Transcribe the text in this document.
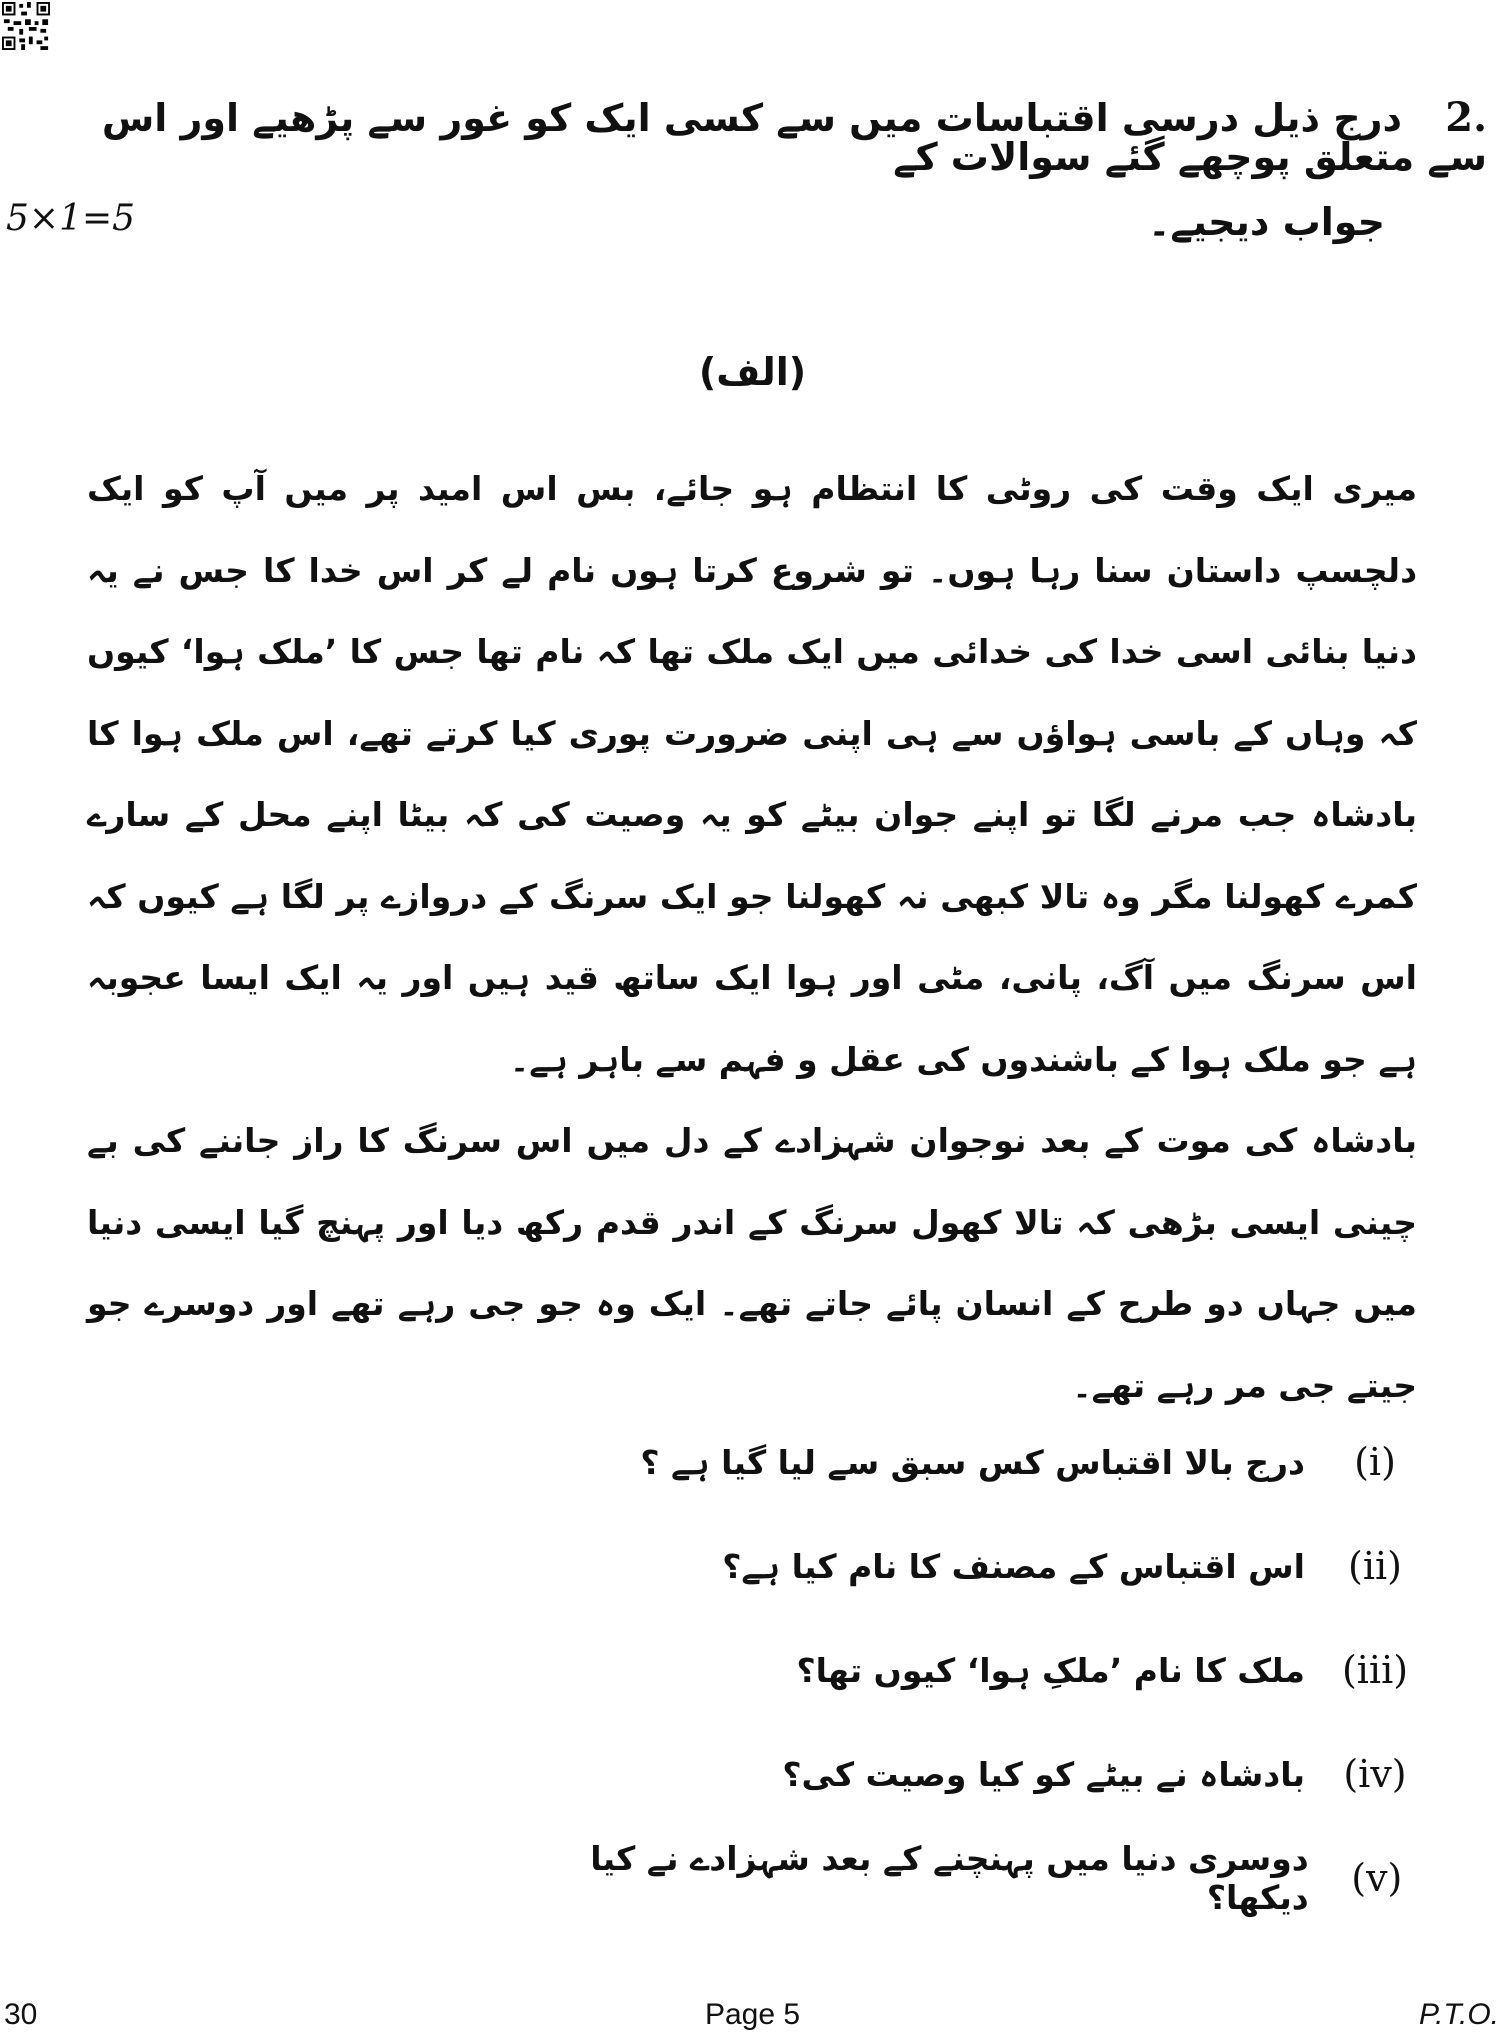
2. درج ذیل درسی اقتباسات میں سے کسی ایک کو غور سے پڑھیے اور اس سے متعلق پوچھے گئے سوالات کے
جواب دیجیے۔
5×1=5
(الف)

میری ایک وقت کی روٹی کا انتظام ہو جائے، بس اس امید پر میں آپ کو ایک دلچسپ داستان سنا رہا ہوں۔ تو شروع کرتا ہوں نام لے کر اس خدا کا جس نے یہ دنیا بنائی اسی خدا کی خدائی میں ایک ملک تھا کہ نام تھا جس کا ’ملک ہوا‘ کیوں کہ وہاں کے باسی ہواؤں سے ہی اپنی ضرورت پوری کیا کرتے تھے، اس ملک ہوا کا بادشاہ جب مرنے لگا تو اپنے جوان بیٹے کو یہ وصیت کی کہ بیٹا اپنے محل کے سارے کمرے کھولنا مگر وہ تالا کبھی نہ کھولنا جو ایک سرنگ کے دروازے پر لگا ہے کیوں کہ اس سرنگ میں آگ، پانی، مٹی اور ہوا ایک ساتھ قید ہیں اور یہ ایک ایسا عجوبہ ہے جو ملک ہوا کے باشندوں کی عقل و فہم سے باہر ہے۔

بادشاہ کی موت کے بعد نوجوان شہزادے کے دل میں اس سرنگ کا راز جاننے کی بے چینی ایسی بڑھی کہ تالا کھول سرنگ کے اندر قدم رکھ دیا اور پہنچ گیا ایسی دنیا میں جہاں دو طرح کے انسان پائے جاتے تھے۔ ایک وہ جو جی رہے تھے اور دوسرے جو جیتے جی مر رہے تھے۔

(i)
درج بالا اقتباس کس سبق سے لیا گیا ہے ؟
(ii)
اس اقتباس کے مصنف کا نام کیا ہے؟
(iii)
ملک کا نام ’ملکِ ہوا‘ کیوں تھا؟
(iv)
بادشاہ نے بیٹے کو کیا وصیت کی؟
(v)
دوسری دنیا میں پہنچنے کے بعد شہزادے نے کیا دیکھا؟
30	Page 5	P.T.O.
